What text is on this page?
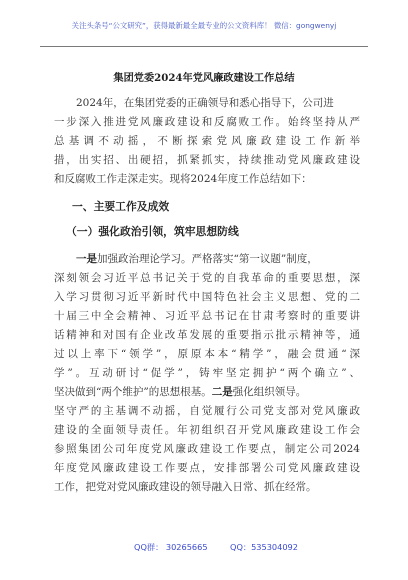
关注头条号“公文研究”，获得最新最全最专业的公文资料库！ 微信：gongwenyj
集团党委2024年党风廉政建设工作总结
2024年，在集团党委的正确领导和悉心指导下，公司进
一步深入推进党风廉政建设和反腐败工作。始终坚持从严
总基调不动摇，不断探索党风廉政建设工作新举
措，出实招、出硬招，抓紧抓实，持续推动党风廉政建设
和反腐败工作走深走实。现将2024年度工作总结如下：
一、主要工作及成效
（一）强化政治引领，筑牢思想防线
一是加强政治理论学习。严格落实“第一议题”制度，
深刻领会习近平总书记关于党的自我革命的重要思想，深
入学习贯彻习近平新时代中国特色社会主义思想、党的二
十届三中全会精神、习近平总书记在甘肃考察时的重要讲
话精神和对国有企业改革发展的重要指示批示精神等，通
过以上率下“领学”，原原本本“精学”，融会贯通“深
学”。互动研讨“促学”，铸牢坚定拥护“两个确立”、
坚决做到“两个维护”的思想根基。二是强化组织领导。
坚守严的主基调不动摇，自觉履行公司党支部对党风廉政
建设的全面领导责任。年初组织召开党风廉政建设工作会
参照集团公司年度党风廉政建设工作要点，制定公司2024
年度党风廉政建设工作要点，安排部署公司党风廉政建设
工作，把党对党风廉政建设的领导融入日常、抓在经常。
QQ群： 30265665	QQ：535304092
